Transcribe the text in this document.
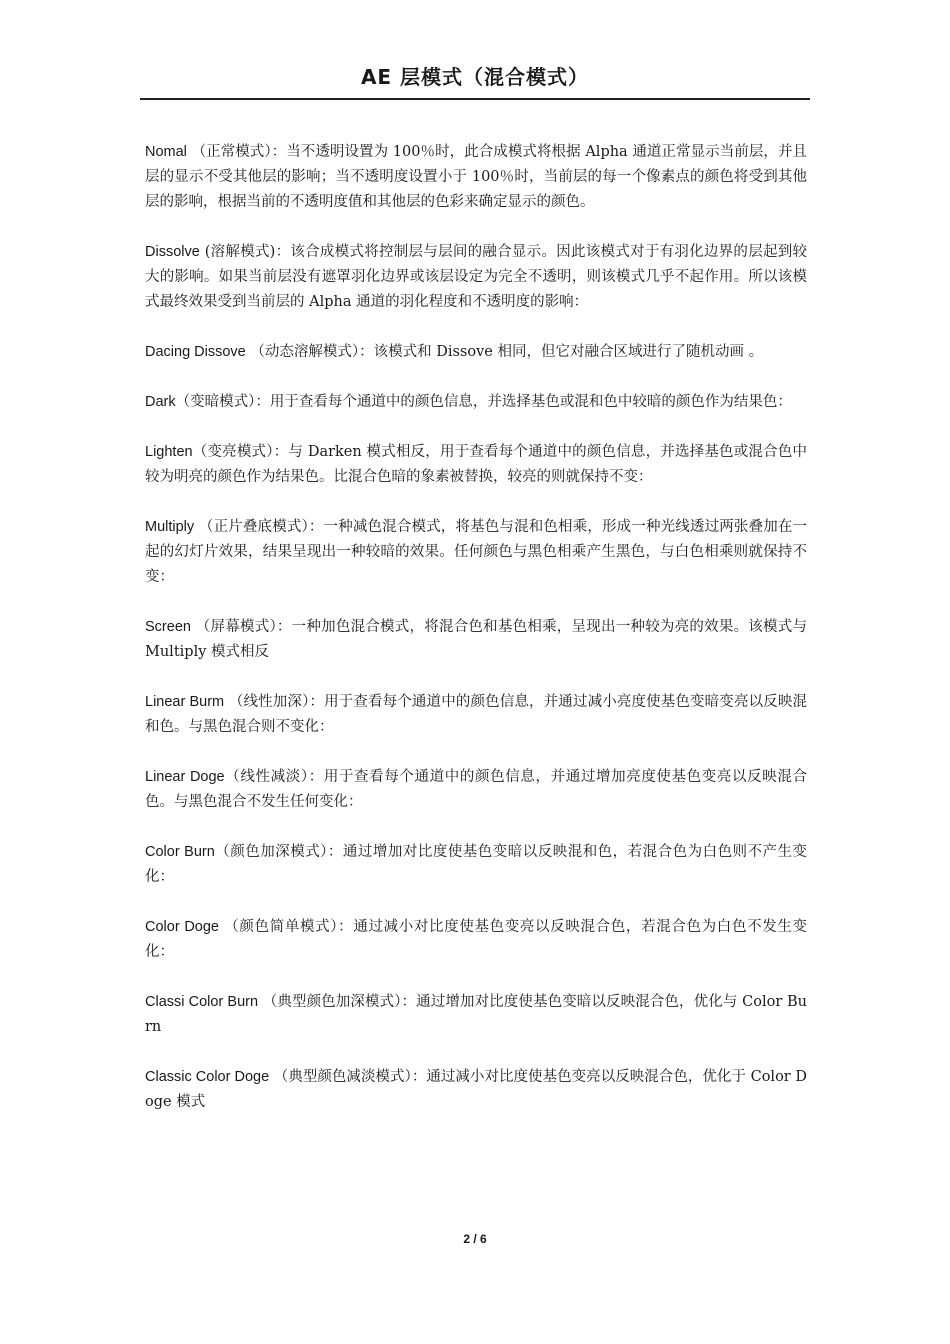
AE 层模式（混合模式）

Nomal （正常模式）：当不透明设置为 100％时，此合成模式将根据 Alpha 通道正常显示当前层，并且层的显示不受其他层的影响；当不透明度设置小于 100％时，当前层的每一个像素点的颜色将受到其他层的影响，根据当前的不透明度值和其他层的色彩来确定显示的颜色。

Dissolve (溶解模式)：该合成模式将控制层与层间的融合显示。因此该模式对于有羽化边界的层起到较大的影响。如果当前层没有遮罩羽化边界或该层设定为完全不透明，则该模式几乎不起作用。所以该模式最终效果受到当前层的 Alpha 通道的羽化程度和不透明度的影响：

Dacing Dissove （动态溶解模式）：该模式和 Dissove 相同，但它对融合区域进行了随机动画 。

Dark（变暗模式）：用于查看每个通道中的颜色信息，并选择基色或混和色中较暗的颜色作为结果色：

Lighten（变亮模式）：与 Darken 模式相反，用于查看每个通道中的颜色信息，并选择基色或混合色中较为明亮的颜色作为结果色。比混合色暗的象素被替换，较亮的则就保持不变：

Multiply （正片叠底模式）：一种减色混合模式，将基色与混和色相乘，形成一种光线透过两张叠加在一起的幻灯片效果，结果呈现出一种较暗的效果。任何颜色与黑色相乘产生黑色，与白色相乘则就保持不变：

Screen （屏幕模式）：一种加色混合模式，将混合色和基色相乘，呈现出一种较为亮的效果。该模式与 Multiply 模式相反

Linear Burm （线性加深）：用于查看每个通道中的颜色信息，并通过减小亮度使基色变暗变亮以反映混和色。与黑色混合则不变化：

Linear Doge（线性减淡）：用于查看每个通道中的颜色信息，并通过增加亮度使基色变亮以反映混合色。与黑色混合不发生任何变化：

Color Burn（颜色加深模式）：通过增加对比度使基色变暗以反映混和色，若混合色为白色则不产生变化：

Color Doge （颜色简单模式）：通过减小对比度使基色变亮以反映混合色，若混合色为白色不发生变化：

Classi Color Burn （典型颜色加深模式）：通过增加对比度使基色变暗以反映混合色，优化与 Color Burn

Classic Color Doge （典型颜色减淡模式）：通过减小对比度使基色变亮以反映混合色，优化于 Color Doge 模式

2 / 6
